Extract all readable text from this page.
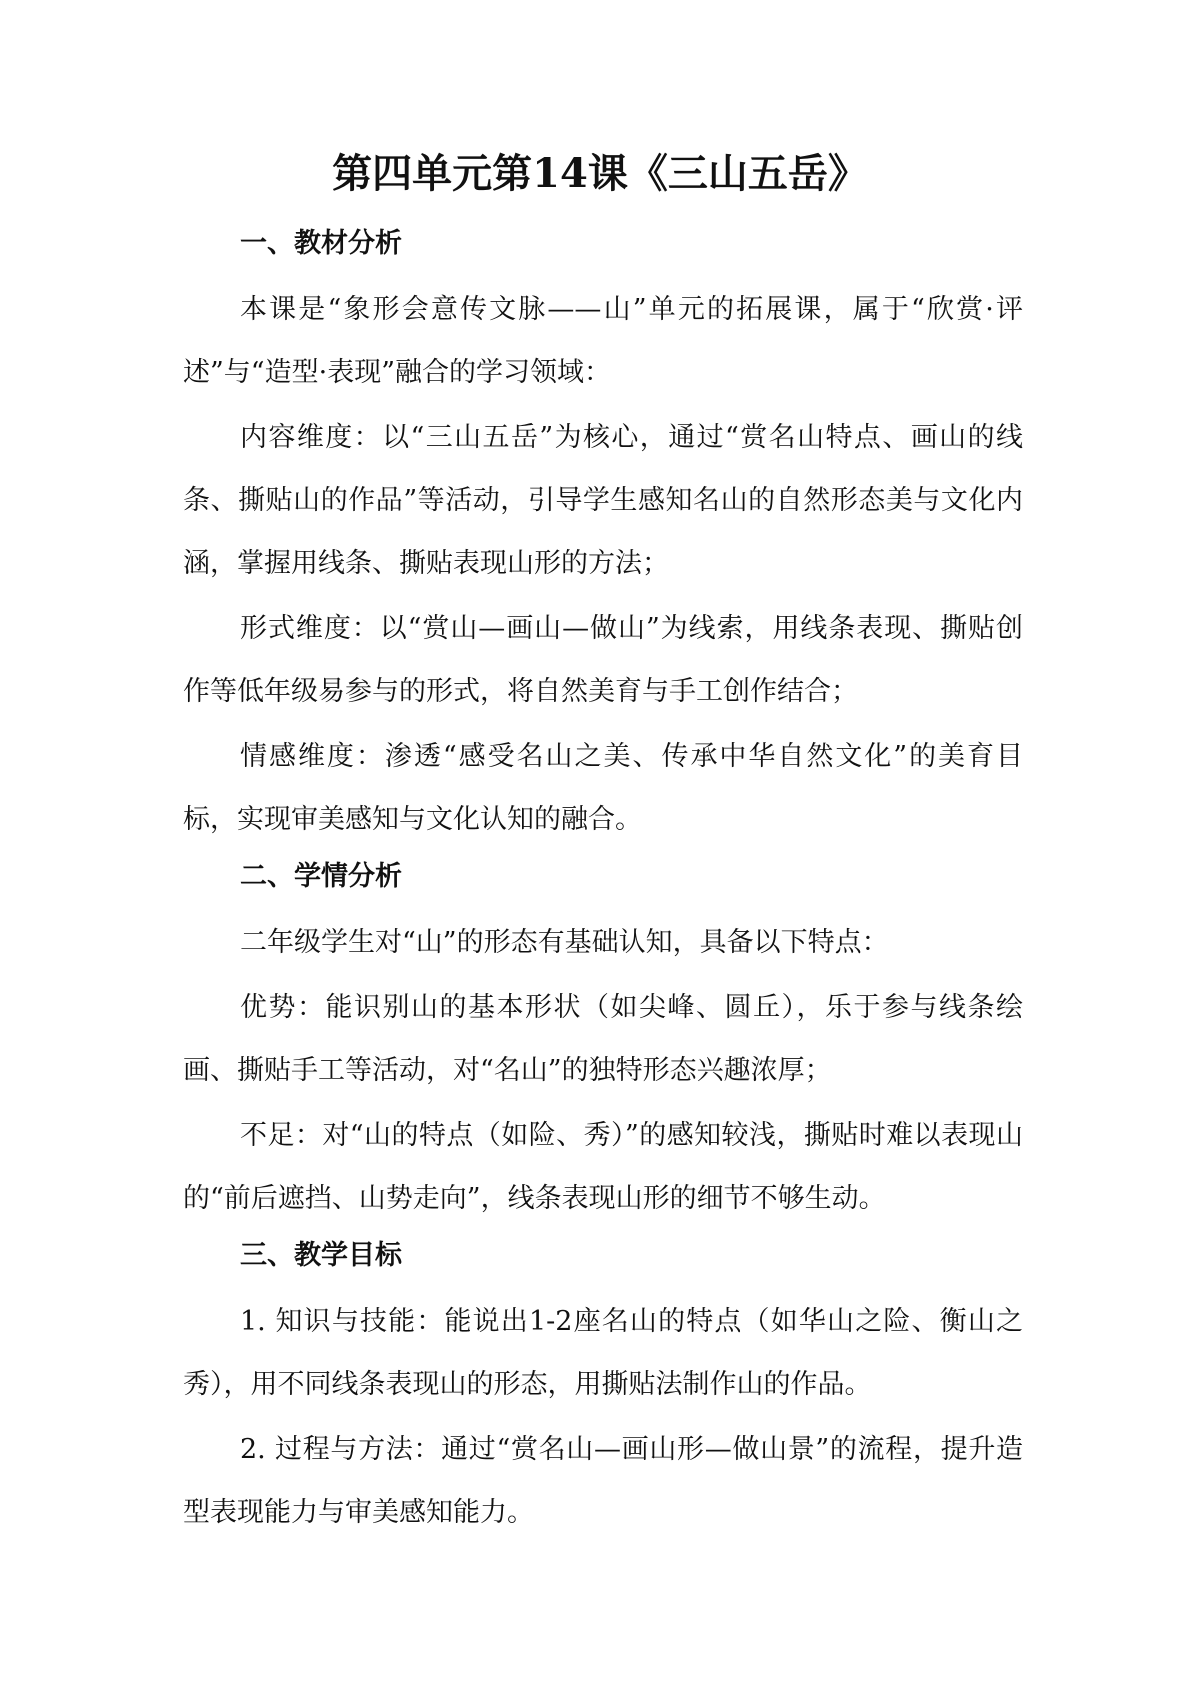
第四单元第14课《三山五岳》
一、教材分析

本课是“象形会意传文脉——山”单元的拓展课，属于“欣赏·评述”与“造型·表现”融合的学习领域：

内容维度：以“三山五岳”为核心，通过“赏名山特点、画山的线条、撕贴山的作品”等活动，引导学生感知名山的自然形态美与文化内涵，掌握用线条、撕贴表现山形的方法；

形式维度：以“赏山—画山—做山”为线索，用线条表现、撕贴创作等低年级易参与的形式，将自然美育与手工创作结合；

情感维度：渗透“感受名山之美、传承中华自然文化”的美育目标，实现审美感知与文化认知的融合。

二、学情分析

二年级学生对“山”的形态有基础认知，具备以下特点：

优势：能识别山的基本形状（如尖峰、圆丘），乐于参与线条绘画、撕贴手工等活动，对“名山”的独特形态兴趣浓厚；

不足：对“山的特点（如险、秀）”的感知较浅，撕贴时难以表现山的“前后遮挡、山势走向”，线条表现山形的细节不够生动。

三、教学目标

1. 知识与技能：能说出1-2座名山的特点（如华山之险、衡山之秀），用不同线条表现山的形态，用撕贴法制作山的作品。

2. 过程与方法：通过“赏名山—画山形—做山景”的流程，提升造型表现能力与审美感知能力。
